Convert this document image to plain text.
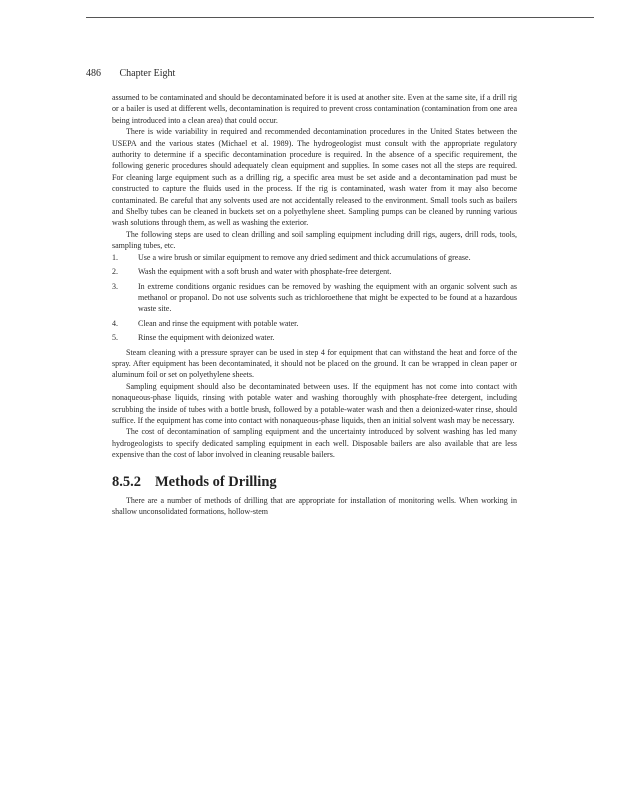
486 Chapter Eight

assumed to be contaminated and should be decontaminated before it is used at another site. Even at the same site, if a drill rig or a bailer is used at different wells, decontamination is required to prevent cross contamination (contamination from one area being introduced into a clean area) that could occur.

There is wide variability in required and recommended decontamination procedures in the United States between the USEPA and the various states (Michael et al. 1989). The hydrogeologist must consult with the appropriate regulatory authority to determine if a specific decontamination procedure is required. In the absence of a specific requirement, the following generic procedures should adequately clean equipment and supplies. In some cases not all the steps are required. For cleaning large equipment such as a drilling rig, a specific area must be set aside and a decontamination pad must be constructed to capture the fluids used in the process. If the rig is contaminated, wash water from it may also become contaminated. Be careful that any solvents used are not accidentally released to the environment. Small tools such as bailers and Shelby tubes can be cleaned in buckets set on a polyethylene sheet. Sampling pumps can be cleaned by running various wash solutions through them, as well as washing the exterior.

The following steps are used to clean drilling and soil sampling equipment including drill rigs, augers, drill rods, tools, sampling tubes, etc.

1.	Use a wire brush or similar equipment to remove any dried sediment and thick accumulations of grease.
2.	Wash the equipment with a soft brush and water with phosphate-free detergent.
3.	In extreme conditions organic residues can be removed by washing the equipment with an organic solvent such as methanol or propanol. Do not use solvents such as trichloroethene that might be expected to be found at a hazardous waste site.
4.	Clean and rinse the equipment with potable water.
5.	Rinse the equipment with deionized water.

Steam cleaning with a pressure sprayer can be used in step 4 for equipment that can withstand the heat and force of the spray. After equipment has been decontaminated, it should not be placed on the ground. It can be wrapped in clean paper or aluminum foil or set on polyethylene sheets.

Sampling equipment should also be decontaminated between uses. If the equipment has not come into contact with nonaqueous-phase liquids, rinsing with potable water and washing thoroughly with phosphate-free detergent, including scrubbing the inside of tubes with a bottle brush, followed by a potable-water wash and then a deionized-water rinse, should suffice. If the equipment has come into contact with nonaqueous-phase liquids, then an initial solvent wash may be necessary.

The cost of decontamination of sampling equipment and the uncertainty introduced by solvent washing has led many hydrogeologists to specify dedicated sampling equipment in each well. Disposable bailers are also available that are less expensive than the cost of labor involved in cleaning reusable bailers.

8.5.2 Methods of Drilling

There are a number of methods of drilling that are appropriate for installation of monitoring wells. When working in shallow unconsolidated formations, hollow-stem
